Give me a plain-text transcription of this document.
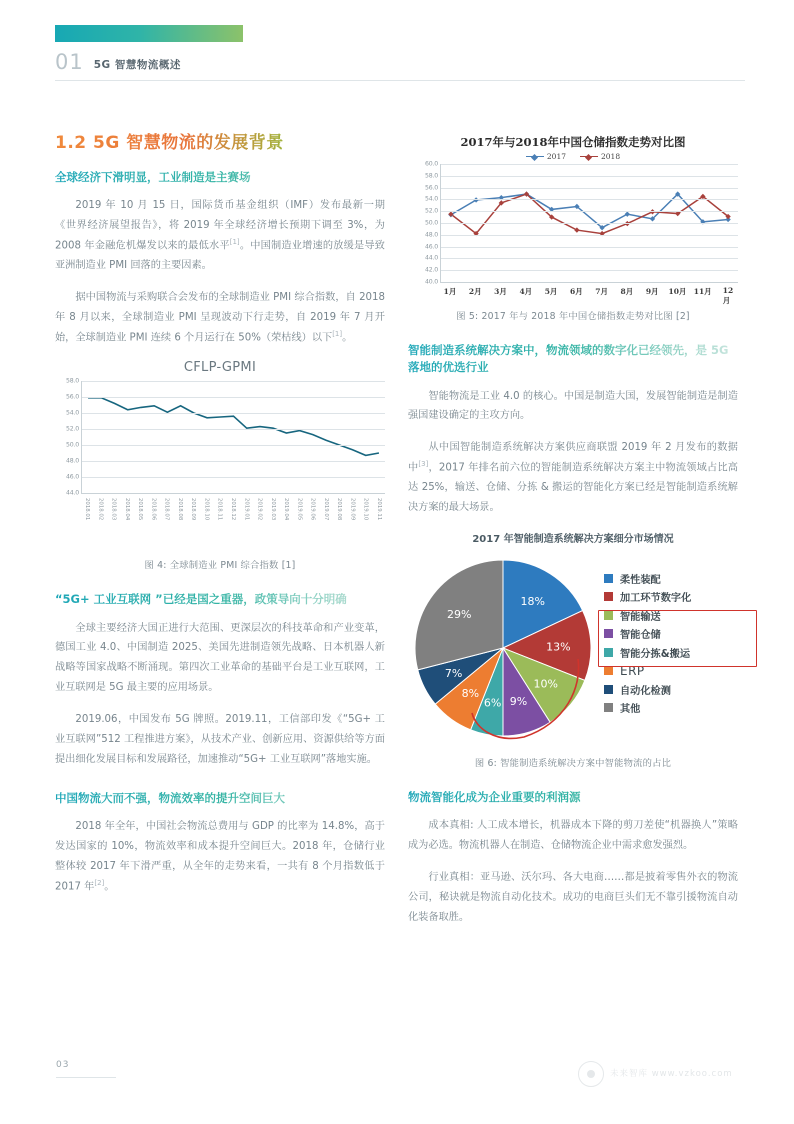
01 5G 智慧物流概述
1.2 5G 智慧物流的发展背景
全球经济下滑明显，工业制造是主赛场

2019 年 10 月 15 日，国际货币基金组织（IMF）发布最新一期《世界经济展望报告》，将 2019 年全球经济增长预期下调至 3%，为 2008 年金融危机爆发以来的最低水平[1]。中国制造业增速的放缓是导致亚洲制造业 PMI 回落的主要因素。

据中国物流与采购联合会发布的全球制造业 PMI 综合指数，自 2018 年 8 月以来，全球制造业 PMI 呈现波动下行走势，自 2019 年 7 月开始，全球制造业 PMI 连续 6 个月运行在 50%（荣枯线）以下[1]。

CFLP-GPMI
58.0
56.0
54.0
52.0
50.0
48.0
46.0
44.0
2018.01 2018.02 2018.03 2018.04 2018.05 2018.06 2018.07 2018.08 2018.09 2018.10 2018.11 2018.12 2019.01 2019.02 2019.03 2019.04 2019.05 2019.06 2019.07 2019.08 2019.09 2019.10 2019.11
图 4: 全球制造业 PMI 综合指数 [1]
“5G+ 工业互联网 ”已经是国之重器，政策导向十分明确

全球主要经济大国正进行大范围、更深层次的科技革命和产业变革，德国工业 4.0、中国制造 2025、美国先进制造领先战略、日本机器人新战略等国家战略不断涌现。第四次工业革命的基础平台是工业互联网，工业互联网是 5G 最主要的应用场景。

2019.06，中国发布 5G 牌照。2019.11，工信部印发《“5G+ 工业互联网”512 工程推进方案》，从技术产业、创新应用、资源供给等方面提出细化发展目标和发展路径，加速推动“5G+ 工业互联网”落地实施。

中国物流大而不强，物流效率的提升空间巨大

2018 年全年，中国社会物流总费用与 GDP 的比率为 14.8%，高于发达国家的 10%，物流效率和成本提升空间巨大。2018 年，仓储行业整体较 2017 年下滑严重，从全年的走势来看，一共有 8 个月指数低于 2017 年[2]。

2017年与2018年中国仓储指数走势对比图
2017	2018
60.0
58.0
56.0
54.0
52.0
50.0
48.0
46.0
44.0
42.0
40.0
1月 2月 3月 4月 5月 6月 7月 8月 9月 10月 11月 12月
图 5: 2017 年与 2018 年中国仓储指数走势对比图 [2]
智能制造系统解决方案中，物流领域的数字化已经领先，是 5G 落地的优选行业

智能物流是工业 4.0 的核心。中国是制造大国，发展智能制造是制造强国建设确定的主攻方向。

从中国智能制造系统解决方案供应商联盟 2019 年 2 月发布的数据中[3]，2017 年排名前六位的智能制造系统解决方案主中物流领域占比高达 25%，输送、仓储、分拣 & 搬运的智能化方案已经是智能制造系统解决方案的最大场景。

2017 年智能制造系统解决方案细分市场情况
18%
13%
10%
9%
6%
8%
7%
29%
柔性装配
加工环节数字化
智能输送
智能仓储
智能分拣&搬运
ERP
自动化检测
其他
图 6: 智能制造系统解决方案中智能物流的占比
物流智能化成为企业重要的利润源

成本真相: 人工成本增长，机器成本下降的剪刀差使“机器换人”策略成为必选。物流机器人在制造、仓储物流企业中需求愈发强烈。

行业真相：亚马逊、沃尔玛、各大电商……都是披着零售外衣的物流公司，秘诀就是物流自动化技术。成功的电商巨头们无不靠引援物流自动化装备取胜。

03
未来智库 www.vzkoo.com
